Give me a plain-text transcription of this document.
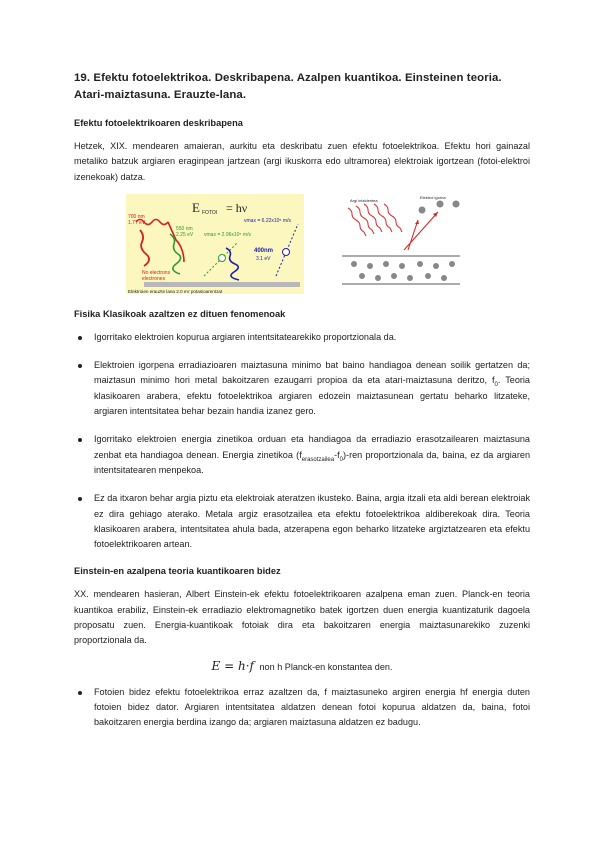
19. Efektu fotoelektrikoa. Deskribapena. Azalpen kuantikoa. Einsteinen teoria. Atari-maiztasuna. Erauzte-lana.
Efektu fotoelektrikoaren deskribapena

Hetzek, XIX. mendearen amaieran, aurkitu eta deskribatu zuen efektu fotoelektrikoa. Efektu hori gainazal metaliko batzuk argiaren eraginpean jartzean (argi ikuskorra edo ultramorea) elektroiak igortzean (fotoi-elektroi izenekoak) datza.

E FOTOI = hν
700 nm
1.77 eV
No electrons
electrones
550 nm
2.25 eV vmax = 2.96x10⁵ m/s
400nm
3.1 eV
vmax = 6.22x10⁵ m/s
Elektroien erauzte lana 2.0 eV potasioarentzat
Argi intzidentea
Elektroi igorria
Fisika Klasikoak azaltzen ez dituen fenomenoak
Igorritako elektroien kopurua argiaren intentsitatearekiko proportzionala da.
Elektroien igorpena erradiazioaren maiztasuna minimo bat baino handiagoa denean soilik gertatzen da; maiztasun minimo hori metal bakoitzaren ezaugarri propioa da eta atari-maiztasuna deritzo, $f_0$. Teoria klasikoaren arabera, efektu fotoelektrikoa argiaren edozein maiztasunean gertatu beharko litzateke, argiaren intentsitatea behar bezain handia izanez gero.
Igorritako elektroien energia zinetikoa orduan eta handiagoa da erradiazio erasotzailearen maiztasuna zenbat eta handiagoa denean. Energia zinetikoa $(f_{erasotzailea}-f_0)$-ren proportzionala da, baina, ez da argiaren intentsitatearen menpekoa.
Ez da itxaron behar argia piztu eta elektroiak ateratzen ikusteko. Baina, argia itzali eta aldi berean elektroiak ez dira gehiago aterako. Metala argiz erasotzailea eta efektu fotoelektrikoa aldiberekoak dira. Teoria klasikoaren arabera, intentsitatea ahula bada, atzerapena egon beharko litzateke argiztatzearen eta efektu fotoelektrikoaren artean.
Einstein-en azalpena teoria kuantikoaren bidez

XX. mendearen hasieran, Albert Einstein-ek efektu fotoelektrikoaren azalpena eman zuen. Planck-en teoria kuantikoa erabiliz, Einstein-ek erradiazio elektromagnetiko batek igortzen duen energia kuantizaturik dagoela proposatu zuen. Energia-kuantikoak fotoiak dira eta bakoitzaren energia maiztasunarekiko zuzenki proportzionala da.

E = h·f non h Planck-en konstantea den.
Fotoien bidez efektu fotoelektrikoa erraz azaltzen da, f maiztasuneko argiren energia hf energia duten fotoien bidez dator. Argiaren intentsitatea aldatzen denean fotoi kopurua aldatzen da, baina, fotoi bakoitzaren energia berdina izango da; argiaren maiztasuna aldatzen ez badugu.
